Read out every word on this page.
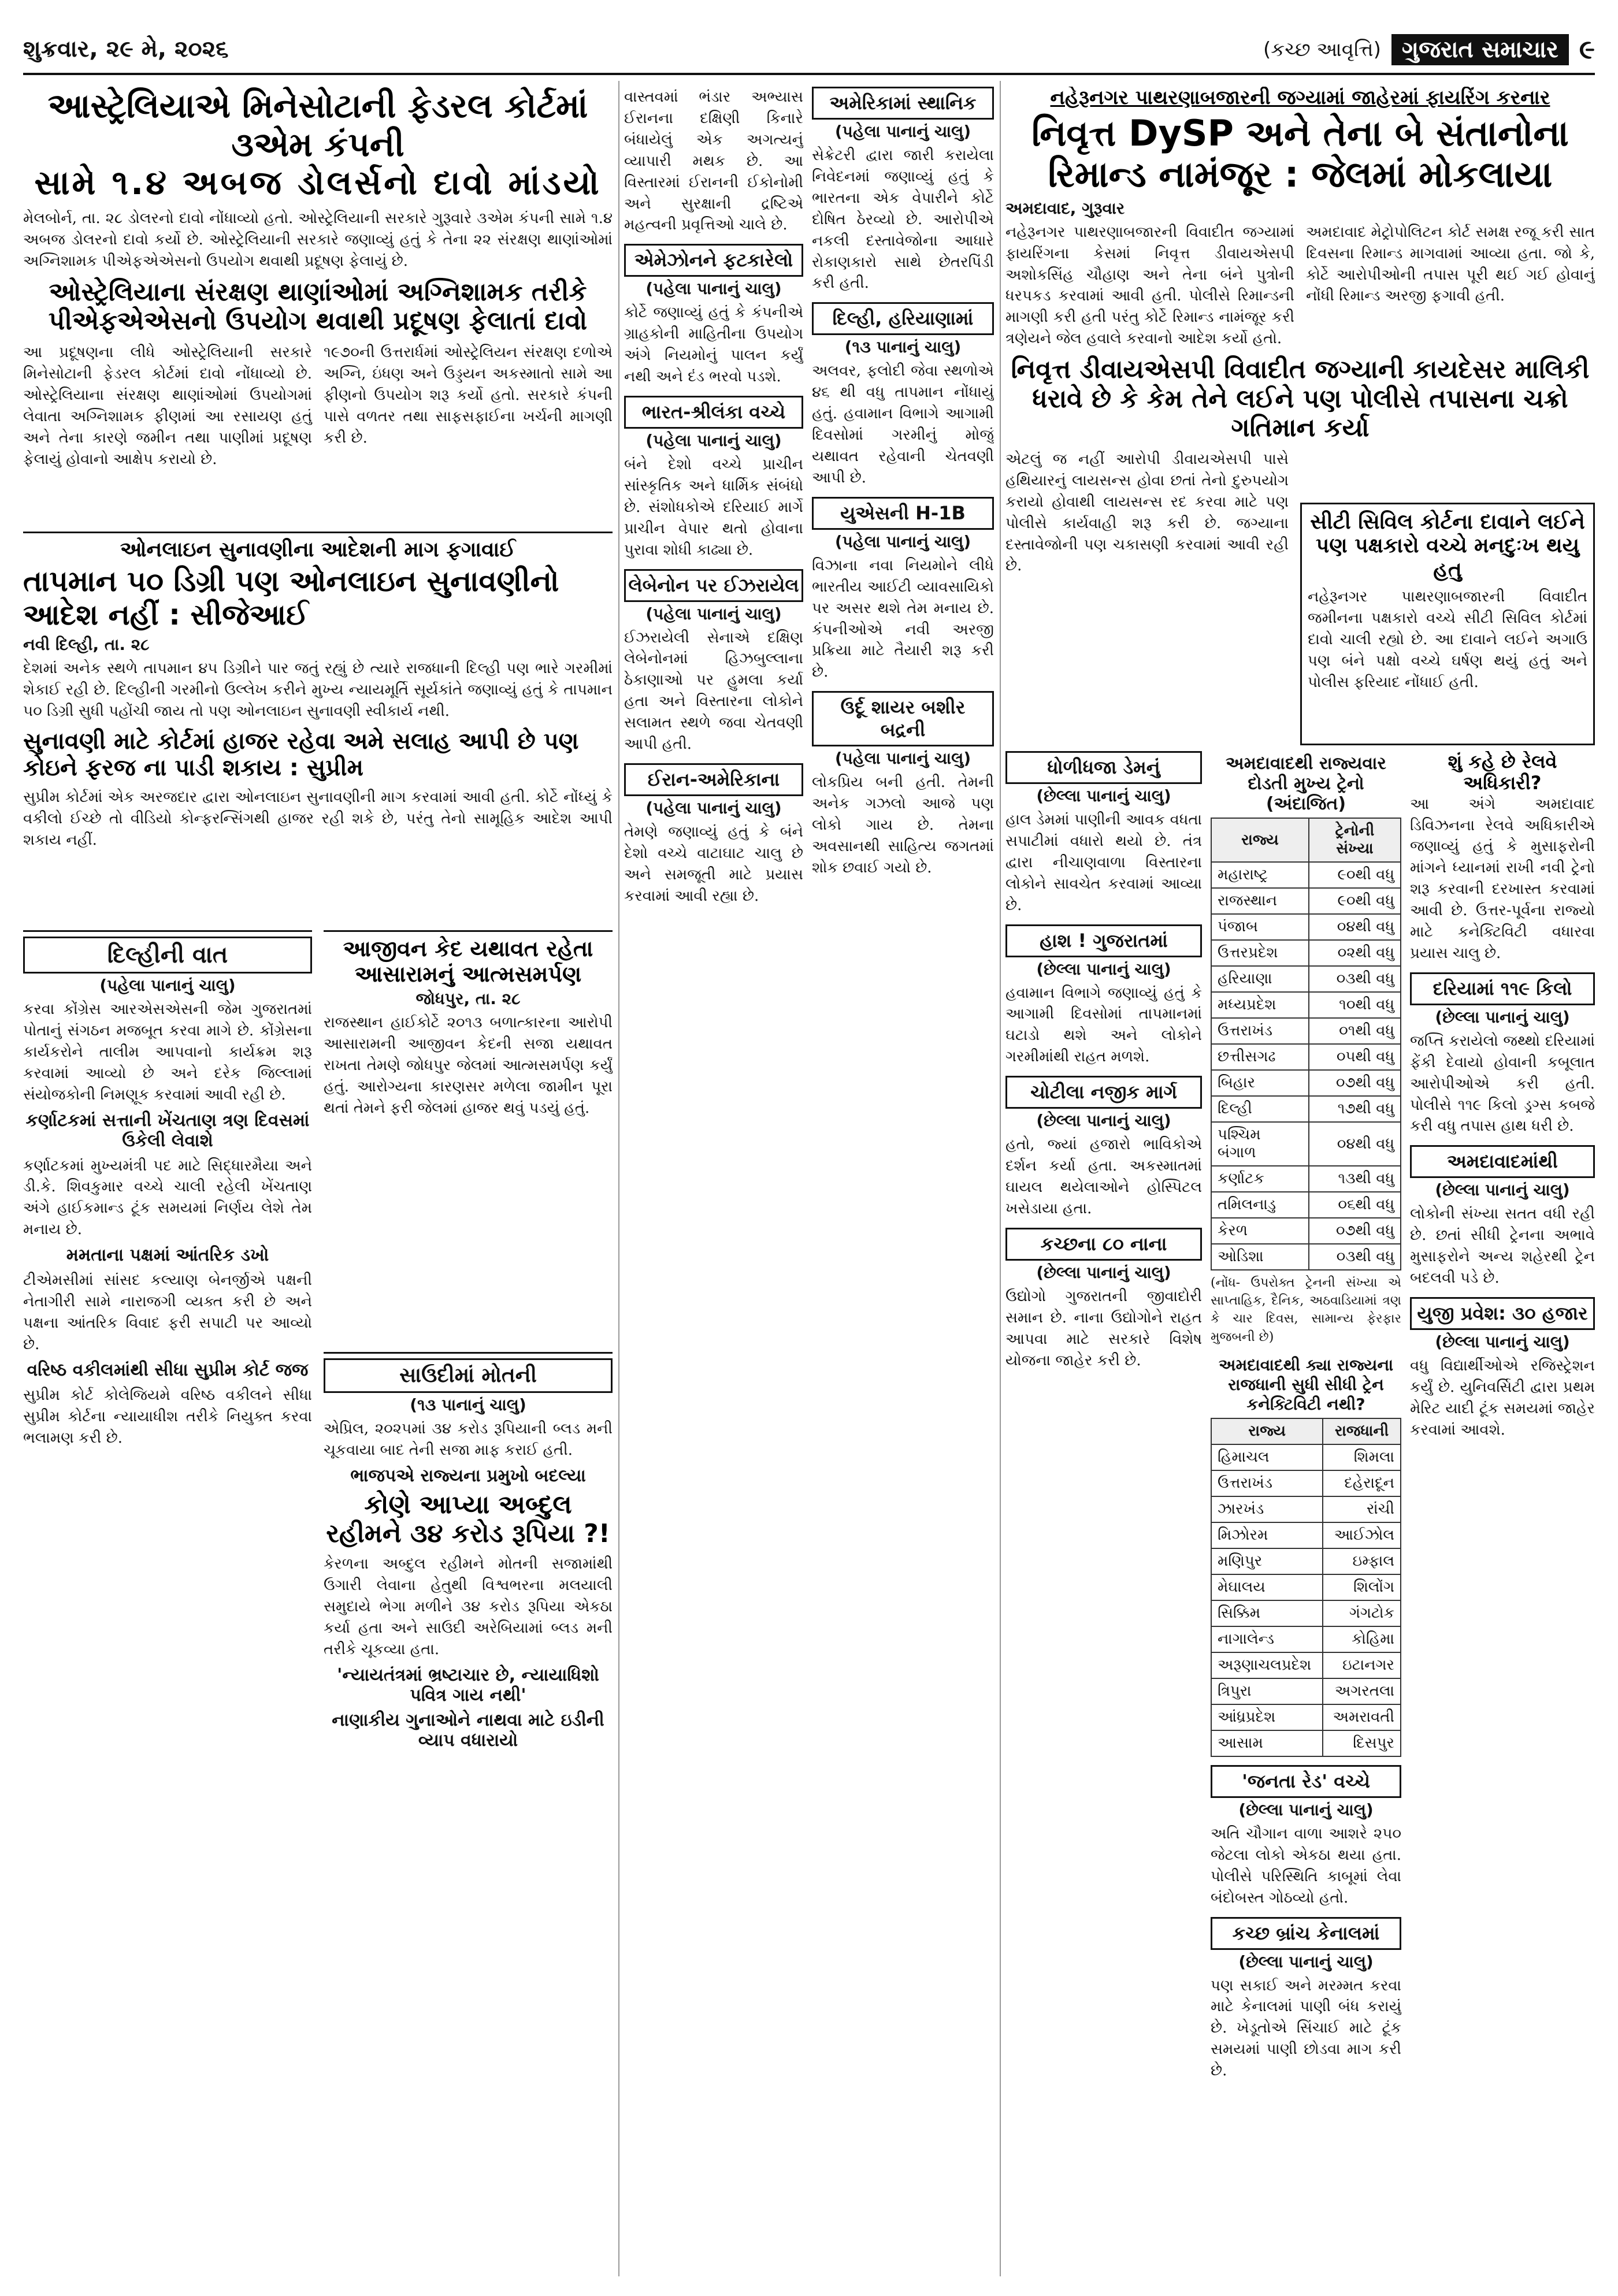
શુક્રવાર, ૨૯ મે, ૨૦૨૬	(કચ્છ આવૃત્તિ) ગુજરાત સમાચાર ૯
આસ્ટ્રેલિયાએ મિનેસોટાની ફેડરલ કોર્ટમાં ૩એમ કંપની
સામે ૧.૪ અબજ ડોલર્સનો દાવો માંડયો
મેલબોર્ન, તા. ૨૮ ડોલરનો દાવો નોંધાવ્યો હતો. ઓસ્ટ્રેલિયાની સરકારે ગુરૂવારે ૩એમ કંપની સામે ૧.૪ અબજ ડોલરનો દાવો કર્યો છે. ઓસ્ટ્રેલિયાની સરકારે જણાવ્યું હતું કે તેના ૨૨ સંરક્ષણ થાણાંઓમાં અગ્નિશામક પીએફએએસનો ઉપયોગ થવાથી પ્રદૂષણ ફેલાયું છે.
ઓસ્ટ્રેલિયાના સંરક્ષણ થાણાંઓમાં અગ્નિશામક તરીકે પીએફએએસનો ઉપયોગ થવાથી પ્રદૂષણ ફેલાતાં દાવો
આ પ્રદૂષણના લીધે ઓસ્ટ્રેલિયાની સરકારે મિનેસોટાની ફેડરલ કોર્ટમાં દાવો નોંધાવ્યો છે. ઓસ્ટ્રેલિયાના સંરક્ષણ થાણાંઓમાં ઉપયોગમાં લેવાતા અગ્નિશામક ફીણમાં આ રસાયણ હતું અને તેના કારણે જમીન તથા પાણીમાં પ્રદૂષણ ફેલાયું હોવાનો આક્ષેપ કરાયો છે.
૧૯૭૦ની ઉત્તરાર્ધમાં ઓસ્ટ્રેલિયન સંરક્ષણ દળોએ અગ્નિ, ઇંધણ અને ઉડ્ડયન અકસ્માતો સામે આ ફીણનો ઉપયોગ શરૂ કર્યો હતો. સરકારે કંપની પાસે વળતર તથા સાફસફાઈના ખર્ચની માગણી કરી છે.
ઓનલાઇન સુનાવણીના આદેશની માગ ફગાવાઈ
તાપમાન ૫૦ ડિગ્રી પણ ઓનલાઇન સુનાવણીનો આદેશ નહીં : સીજેઆઈ
નવી દિલ્હી, તા. ૨૮
દેશમાં અનેક સ્થળે તાપમાન ૪૫ ડિગ્રીને પાર જતું રહ્યું છે ત્યારે રાજધાની દિલ્હી પણ ભારે ગરમીમાં શેકાઈ રહી છે. દિલ્હીની ગરમીનો ઉલ્લેખ કરીને મુખ્ય ન્યાયમૂર્તિ સૂર્યકાંતે જણાવ્યું હતું કે તાપમાન ૫૦ ડિગ્રી સુધી પહોંચી જાય તો પણ ઓનલાઇન સુનાવણી સ્વીકાર્ય નથી.
સુનાવણી માટે કોર્ટમાં હાજર રહેવા અમે સલાહ આપી છે પણ કોઇને ફરજ ના પાડી શકાય : સુપ્રીમ
સુપ્રીમ કોર્ટમાં એક અરજદાર દ્વારા ઓનલાઇન સુનાવણીની માગ કરવામાં આવી હતી. કોર્ટે નોંધ્યું કે વકીલો ઈચ્છે તો વીડિયો કોન્ફરન્સિંગથી હાજર રહી શકે છે, પરંતુ તેનો સામૂહિક આદેશ આપી શકાય નહીં.
દિલ્હીની વાત
(પહેલા પાનાનું ચાલુ)
કરવા કોંગ્રેસ આરએસએસની જેમ ગુજરાતમાં પોતાનું સંગઠન મજબૂત કરવા માગે છે. કોંગ્રેસના કાર્યકરોને તાલીમ આપવાનો કાર્યક્રમ શરૂ કરવામાં આવ્યો છે અને દરેક જિલ્લામાં સંયોજકોની નિમણૂક કરવામાં આવી રહી છે.
કર્ણાટકમાં સત્તાની ખેંચતાણ ત્રણ દિવસમાં ઉકેલી લેવાશે
કર્ણાટકમાં મુખ્યમંત્રી પદ માટે સિદ્ધારમૈયા અને ડી.કે. શિવકુમાર વચ્ચે ચાલી રહેલી ખેંચતાણ અંગે હાઈકમાન્ડ ટૂંક સમયમાં નિર્ણય લેશે તેમ મનાય છે.
મમતાના પક્ષમાં આંતરિક ડખો
ટીએમસીમાં સાંસદ કલ્યાણ બેનર્જીએ પક્ષની નેતાગીરી સામે નારાજગી વ્યક્ત કરી છે અને પક્ષના આંતરિક વિવાદ ફરી સપાટી પર આવ્યો છે.
વરિષ્ઠ વકીલમાંથી સીધા સુપ્રીમ કોર્ટ જજ
સુપ્રીમ કોર્ટ કોલેજિયમે વરિષ્ઠ વકીલને સીધા સુપ્રીમ કોર્ટના ન્યાયાધીશ તરીકે નિયુક્ત કરવા ભલામણ કરી છે.
આજીવન કેદ યથાવત રહેતા આસારામનું આત્મસમર્પણ
જોધપુર, તા. ૨૮
રાજસ્થાન હાઈકોર્ટે ૨૦૧૩ બળાત્કારના આરોપી આસારામની આજીવન કેદની સજા યથાવત રાખતા તેમણે જોધપુર જેલમાં આત્મસમર્પણ કર્યું હતું. આરોગ્યના કારણસર મળેલા જામીન પૂરા થતાં તેમને ફરી જેલમાં હાજર થવું પડયું હતું.
સાઉદીમાં મોતની
(૧૩ પાનાનું ચાલુ)
એપ્રિલ, ૨૦૨૫માં ૩૪ કરોડ રૂપિયાની બ્લડ મની ચૂકવાયા બાદ તેની સજા માફ કરાઈ હતી.
ભાજપએ રાજ્યના પ્રમુખો બદલ્યા
કોણે આપ્યા અબ્દુલ રહીમને ૩૪ કરોડ રૂપિયા ?!
કેરળના અબ્દુલ રહીમને મોતની સજામાંથી ઉગારી લેવાના હેતુથી વિશ્વભરના મલયાલી સમુદાયે ભેગા મળીને ૩૪ કરોડ રૂપિયા એકઠા કર્યા હતા અને સાઉદી અરેબિયામાં બ્લડ મની તરીકે ચૂકવ્યા હતા.
'ન્યાયતંત્રમાં ભ્રષ્ટાચાર છે, ન્યાયાધિશો પવિત્ર ગાય નથી'
નાણાકીય ગુનાઓને નાથવા માટે ઇડીની વ્યાપ વધારાયો
વાસ્તવમાં ભંડાર અભ્યાસ ઈરાનના દક્ષિણી કિનારે બંધાયેલું એક અગત્યનું વ્યાપારી મથક છે. આ વિસ્તારમાં ઈરાનની ઈકોનોમી અને સુરક્ષાની દ્રષ્ટિએ મહત્વની પ્રવૃત્તિઓ ચાલે છે.
એમેઝોનને ફટકારેલો
(પહેલા પાનાનું ચાલુ)
કોર્ટે જણાવ્યું હતું કે કંપનીએ ગ્રાહકોની માહિતીના ઉપયોગ અંગે નિયમોનું પાલન કર્યું નથી અને દંડ ભરવો પડશે.
ભારત-શ્રીલંકા વચ્ચે
(પહેલા પાનાનું ચાલુ)
બંને દેશો વચ્ચે પ્રાચીન સાંસ્કૃતિક અને ધાર્મિક સંબંધો છે. સંશોધકોએ દરિયાઈ માર્ગે પ્રાચીન વેપાર થતો હોવાના પુરાવા શોધી કાઢ્યા છે.
લેબેનોન પર ઈઝરાયેલ
(પહેલા પાનાનું ચાલુ)
ઈઝરાયેલી સેનાએ દક્ષિણ લેબેનોનમાં હિઝબુલ્લાના ઠેકાણાઓ પર હુમલા કર્યા હતા અને વિસ્તારના લોકોને સલામત સ્થળે જવા ચેતવણી આપી હતી.
ઈરાન-અમેરિકાના
(પહેલા પાનાનું ચાલુ)
તેમણે જણાવ્યું હતું કે બંને દેશો વચ્ચે વાટાઘાટ ચાલુ છે અને સમજૂતી માટે પ્રયાસ કરવામાં આવી રહ્યા છે.
અમેરિકામાં સ્થાનિક
(પહેલા પાનાનું ચાલુ)
સેક્રેટરી દ્વારા જારી કરાયેલા નિવેદનમાં જણાવ્યું હતું કે ભારતના એક વેપારીને કોર્ટે દોષિત ઠેરવ્યો છે. આરોપીએ નકલી દસ્તાવેજોના આધારે રોકાણકારો સાથે છેતરપિંડી કરી હતી.
દિલ્હી, હરિયાણામાં
(૧૩ પાનાનું ચાલુ)
અલવર, ફલોદી જેવા સ્થળોએ ૪૬ થી વધુ તાપમાન નોંધાયું હતું. હવામાન વિભાગે આગામી દિવસોમાં ગરમીનું મોજું યથાવત રહેવાની ચેતવણી આપી છે.
યુએસની H-1B
(પહેલા પાનાનું ચાલુ)
વિઝાના નવા નિયમોને લીધે ભારતીય આઈટી વ્યાવસાયિકો પર અસર થશે તેમ મનાય છે. કંપનીઓએ નવી અરજી પ્રક્રિયા માટે તૈયારી શરૂ કરી છે.
ઉર્દૂ શાયર બશીર બદ્રની
(પહેલા પાનાનું ચાલુ)
લોકપ્રિય બની હતી. તેમની અનેક ગઝલો આજે પણ લોકો ગાય છે. તેમના અવસાનથી સાહિત્ય જગતમાં શોક છવાઈ ગયો છે.
નહેરૂનગર પાથરણાબજારની જગ્યામાં જાહેરમાં ફાયરિંગ કરનાર
નિવૃત્ત DySP અને તેના બે સંતાનોના રિમાન્ડ નામંજૂર : જેલમાં મોકલાયા
અમદાવાદ, ગુરૂવાર
નહેરૂનગર પાથરણાબજારની વિવાદીત જગ્યામાં ફાયરિંગના કેસમાં નિવૃત્ત ડીવાયએસપી અશોકસિંહ ચૌહાણ અને તેના બંને પુત્રોની ધરપકડ કરવામાં આવી હતી. પોલીસે રિમાન્ડની માગણી કરી હતી પરંતુ કોર્ટે રિમાન્ડ નામંજૂર કરી ત્રણેયને જેલ હવાલે કરવાનો આદેશ કર્યો હતો.
અમદાવાદ મેટ્રોપોલિટન કોર્ટ સમક્ષ રજૂ કરી સાત દિવસના રિમાન્ડ માગવામાં આવ્યા હતા. જો કે, કોર્ટે આરોપીઓની તપાસ પૂરી થઈ ગઈ હોવાનું નોંધી રિમાન્ડ અરજી ફગાવી હતી.
નિવૃત્ત ડીવાયએસપી વિવાદીત જગ્યાની કાયદેસર માલિકી ધરાવે છે કે કેમ તેને લઈને પણ પોલીસે તપાસના ચક્રો ગતિમાન કર્યા
એટલું જ નહીં આરોપી ડીવાયએસપી પાસે હથિયારનું લાયસન્સ હોવા છતાં તેનો દુરુપયોગ કરાયો હોવાથી લાયસન્સ રદ કરવા માટે પણ પોલીસે કાર્યવાહી શરૂ કરી છે. જગ્યાના દસ્તાવેજોની પણ ચકાસણી કરવામાં આવી રહી છે.
સીટી સિવિલ કોર્ટના દાવાને લઈને પણ પક્ષકારો વચ્ચે મનદુઃખ થયુ હતુ
નહેરૂનગર પાથરણાબજારની વિવાદીત જમીનના પક્ષકારો વચ્ચે સીટી સિવિલ કોર્ટમાં દાવો ચાલી રહ્યો છે. આ દાવાને લઈને અગાઉ પણ બંને પક્ષો વચ્ચે ઘર્ષણ થયું હતું અને પોલીસ ફરિયાદ નોંધાઈ હતી.
ધોળીધજા ડેમનું
(છેલ્લા પાનાનું ચાલુ)
હાલ ડેમમાં પાણીની આવક વધતા સપાટીમાં વધારો થયો છે. તંત્ર દ્વારા નીચાણવાળા વિસ્તારના લોકોને સાવચેત કરવામાં આવ્યા છે.
હાશ ! ગુજરાતમાં
(છેલ્લા પાનાનું ચાલુ)
હવામાન વિભાગે જણાવ્યું હતું કે આગામી દિવસોમાં તાપમાનમાં ઘટાડો થશે અને લોકોને ગરમીમાંથી રાહત મળશે.
ચોટીલા નજીક માર્ગ
(છેલ્લા પાનાનું ચાલુ)
હતો, જ્યાં હજારો ભાવિકોએ દર્શન કર્યા હતા. અકસ્માતમાં ઘાયલ થયેલાઓને હોસ્પિટલ ખસેડાયા હતા.
કચ્છના ૮૦ નાના
(છેલ્લા પાનાનું ચાલુ)
ઉદ્યોગો ગુજરાતની જીવાદોરી સમાન છે. નાના ઉદ્યોગોને રાહત આપવા માટે સરકારે વિશેષ યોજના જાહેર કરી છે.
અમદાવાદથી રાજ્યવાર દોડતી મુખ્ય ટ્રેનો (અંદાજિત)
રાજ્ય	ટ્રેનોની સંખ્યા
મહારાષ્ટ્ર	૯૦થી વધુ
રાજસ્થાન	૯૦થી વધુ
પંજાબ	૦૪થી વધુ
ઉત્તરપ્રદેશ	૦૨થી વધુ
હરિયાણા	૦૩થી વધુ
મધ્યપ્રદેશ	૧૦થી વધુ
ઉત્તરાખંડ	૦૧થી વધુ
છત્તીસગઢ	૦૫થી વધુ
બિહાર	૦૭થી વધુ
દિલ્હી	૧૭થી વધુ
પશ્ચિમ બંગાળ	૦૪થી વધુ
કર્ણાટક	૧૩થી વધુ
તમિલનાડુ	૦૬થી વધુ
કેરળ	૦૭થી વધુ
ઓડિશા	૦૩થી વધુ
(નોંધ- ઉપરોક્ત ટ્રેનની સંખ્યા એ સાપ્તાહિક, દૈનિક, અઠવાડિયામાં ત્રણ કે ચાર દિવસ, સામાન્ય ફેરફાર મુજબની છે)
અમદાવાદથી ક્યા રાજ્યના રાજધાની સુધી સીધી ટ્રેન કનેક્ટિવિટી નથી?
રાજ્ય	રાજધાની
હિમાચલ	શિમલા
ઉત્તરાખંડ	દહેરાદૂન
ઝારખંડ	રાંચી
મિઝોરમ	આઈઝોલ
મણિપુર	ઇમ્ફાલ
મેઘાલય	શિલોંગ
સિક્કિમ	ગંગટોક
નાગાલેન્ડ	કોહિમા
અરૂણાચલપ્રદેશ	ઇટાનગર
ત્રિપુરા	અગરતલા
આંધ્રપ્રદેશ	અમરાવતી
આસામ	દિસપુર
'જનતા રેડ' વચ્ચે
(છેલ્લા પાનાનું ચાલુ)
અતિ ચૌગાન વાળા આશરે ૨૫૦ જેટલા લોકો એકઠા થયા હતા. પોલીસે પરિસ્થિતિ કાબૂમાં લેવા બંદોબસ્ત ગોઠવ્યો હતો.
કચ્છ બ્રાંચ કેનાલમાં
(છેલ્લા પાનાનું ચાલુ)
પણ સકાઈ અને મરમ્મત કરવા માટે કેનાલમાં પાણી બંધ કરાયું છે. ખેડૂતોએ સિંચાઈ માટે ટૂંક સમયમાં પાણી છોડવા માગ કરી છે.
શું કહે છે રેલવે અધિકારી?
આ અંગે અમદાવાદ ડિવિઝનના રેલવે અધિકારીએ જણાવ્યું હતું કે મુસાફરોની માંગને ધ્યાનમાં રાખી નવી ટ્રેનો શરૂ કરવાની દરખાસ્ત કરવામાં આવી છે. ઉત્તર-પૂર્વના રાજ્યો માટે કનેક્ટિવિટી વધારવા પ્રયાસ ચાલુ છે.
દરિયામાં ૧૧૯ કિલો
(છેલ્લા પાનાનું ચાલુ)
જપ્તિ કરાયેલો જથ્થો દરિયામાં ફેંકી દેવાયો હોવાની કબૂલાત આરોપીઓએ કરી હતી. પોલીસે ૧૧૯ કિલો ડ્રગ્સ કબજે કરી વધુ તપાસ હાથ ધરી છે.
અમદાવાદમાંથી
(છેલ્લા પાનાનું ચાલુ)
લોકોની સંખ્યા સતત વધી રહી છે. છતાં સીધી ટ્રેનના અભાવે મુસાફરોને અન્ય શહેરથી ટ્રેન બદલવી પડે છે.
યુજી પ્રવેશ: ૩૦ હજાર
(છેલ્લા પાનાનું ચાલુ)
વધુ વિદ્યાર્થીઓએ રજિસ્ટ્રેશન કર્યું છે. યુનિવર્સિટી દ્વારા પ્રથમ મેરિટ યાદી ટૂંક સમયમાં જાહેર કરવામાં આવશે.
